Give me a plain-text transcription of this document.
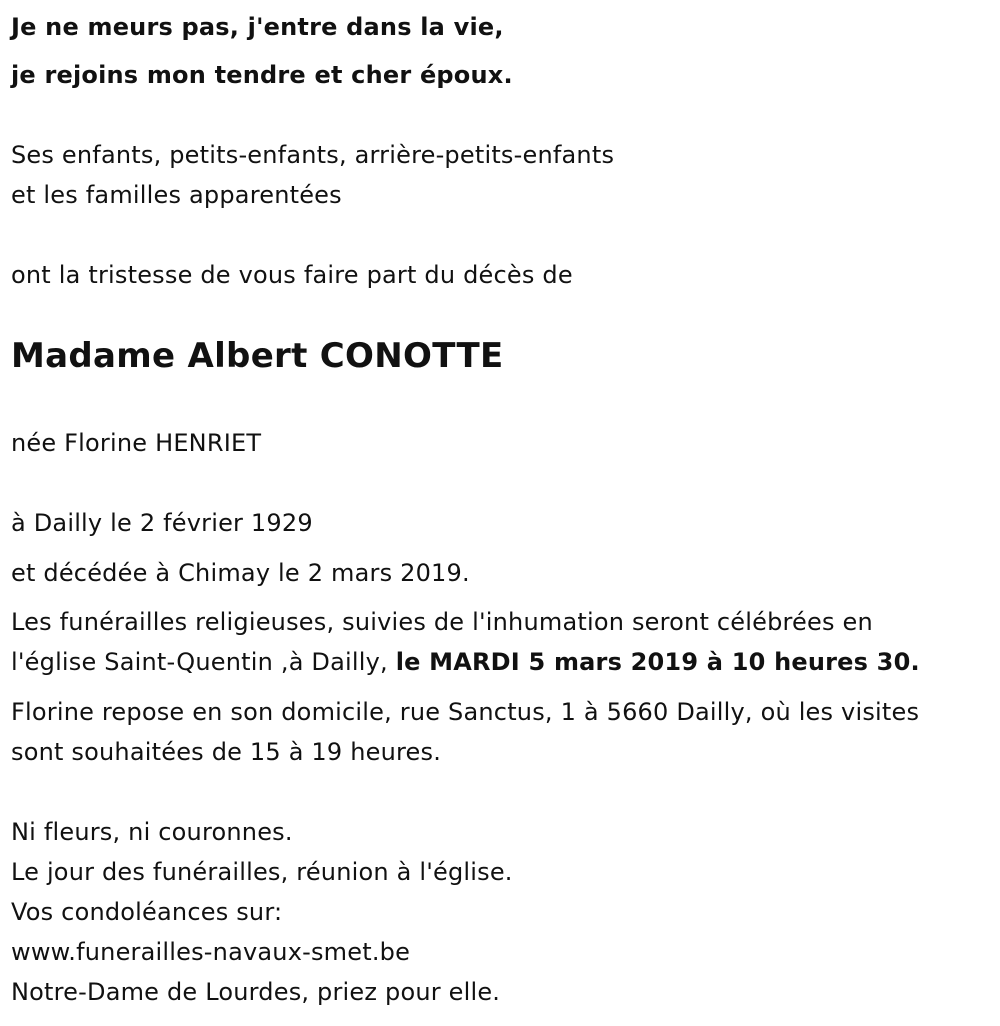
Je ne meurs pas, j'entre dans la vie,
je rejoins mon tendre et cher époux.
Ses enfants, petits-enfants, arrière-petits-enfants
et les familles apparentées
ont la tristesse de vous faire part du décès de
Madame Albert CONOTTE
née Florine HENRIET
à Dailly le 2 février 1929
et décédée à Chimay le 2 mars 2019.
Les funérailles religieuses, suivies de l'inhumation seront célébrées en
l'église Saint-Quentin ,à Dailly, le MARDI 5 mars 2019 à 10 heures 30.
Florine repose en son domicile, rue Sanctus, 1 à 5660 Dailly, où les visites
sont souhaitées de 15 à 19 heures.
Ni fleurs, ni couronnes.
Le jour des funérailles, réunion à l'église.
Vos condoléances sur:
www.funerailles-navaux-smet.be
Notre-Dame de Lourdes, priez pour elle.
